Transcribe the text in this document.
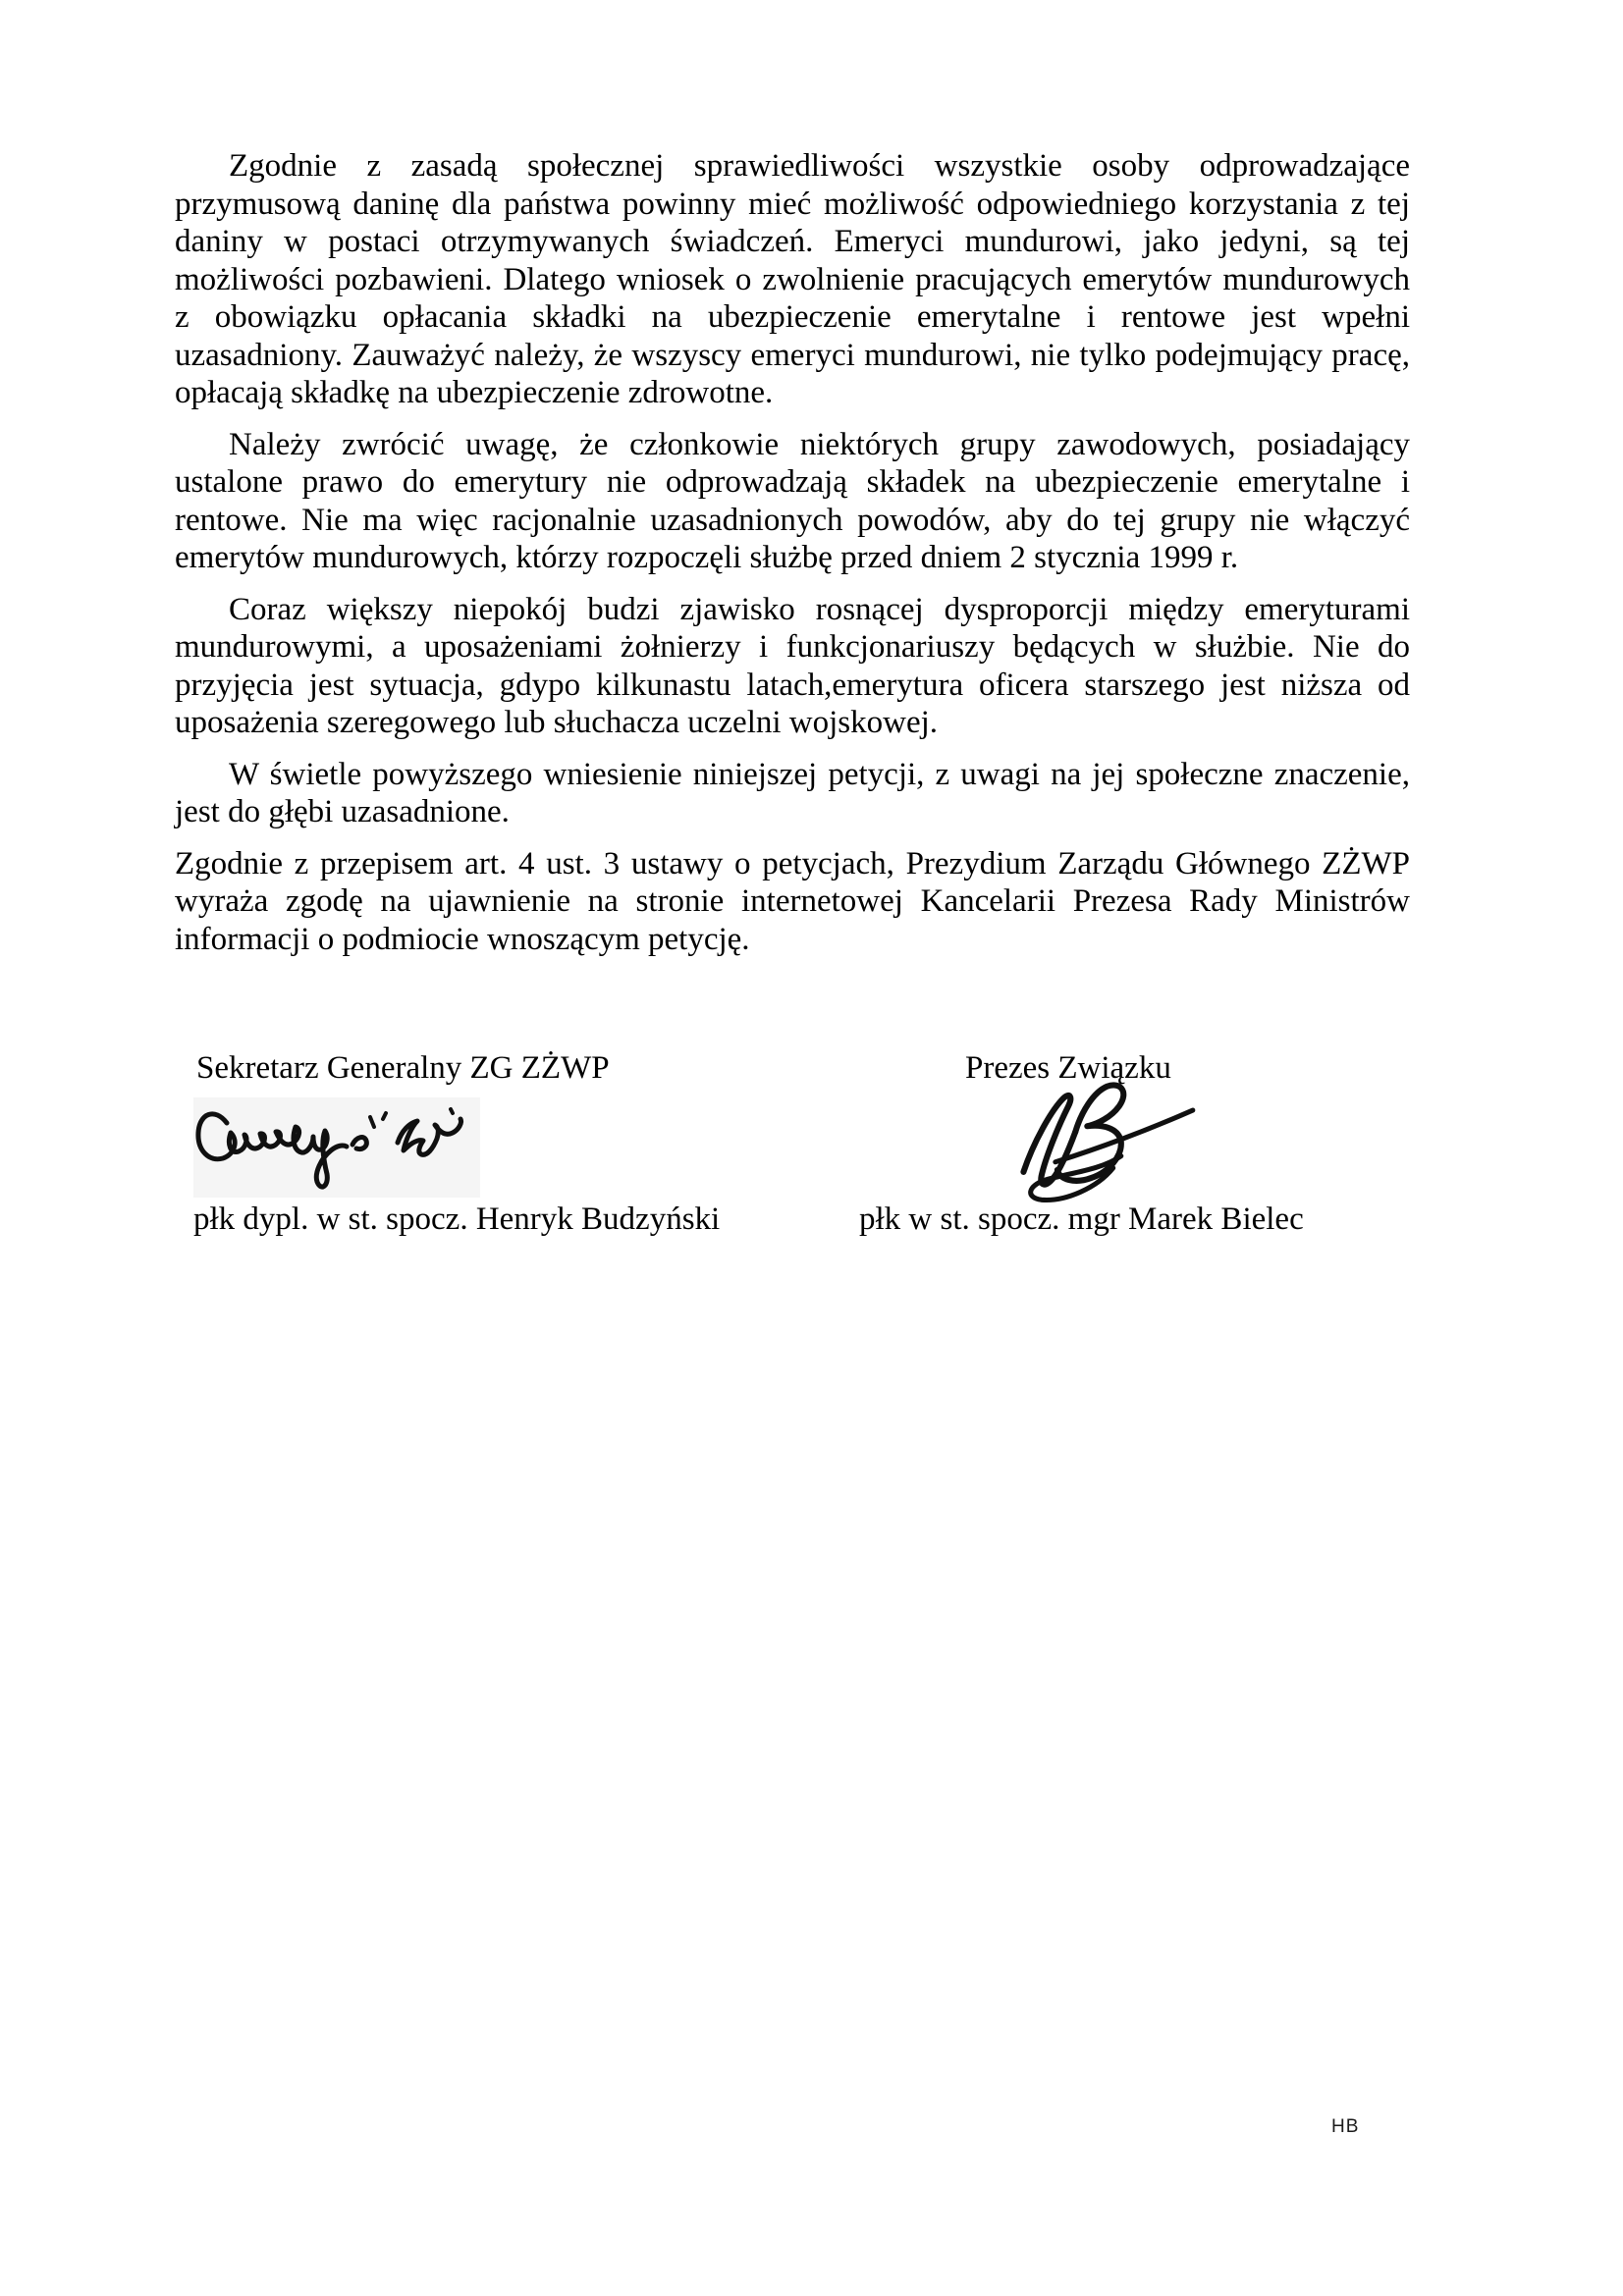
Zgodnie z zasadą społecznej sprawiedliwości wszystkie osoby odprowadzające przymusową daninę dla państwa powinny mieć możliwość odpowiedniego korzystania z tej daniny w postaci otrzymywanych świadczeń. Emeryci mundurowi, jako jedyni, są tej możliwości pozbawieni. Dlatego wniosek o zwolnienie pracujących emerytów mundurowych z obowiązku opłacania składki na ubezpieczenie emerytalne i rentowe jest wpełni uzasadniony. Zauważyć należy, że wszyscy emeryci mundurowi, nie tylko podejmujący pracę, opłacają składkę na ubezpieczenie zdrowotne.

Należy zwrócić uwagę, że członkowie niektórych grupy zawodowych, posiadający ustalone prawo do emerytury nie odprowadzają składek na ubezpieczenie emerytalne i rentowe. Nie ma więc racjonalnie uzasadnionych powodów, aby do tej grupy nie włączyć emerytów mundurowych, którzy rozpoczęli służbę przed dniem 2 stycznia 1999 r.

Coraz większy niepokój budzi zjawisko rosnącej dysproporcji między emeryturami mundurowymi, a uposażeniami żołnierzy i funkcjonariuszy będących w służbie. Nie do przyjęcia jest sytuacja, gdypo kilkunastu latach,emerytura oficera starszego jest niższa od uposażenia szeregowego lub słuchacza uczelni wojskowej.

W świetle powyższego wniesienie niniejszej petycji, z uwagi na jej społeczne znaczenie, jest do głębi uzasadnione.

Zgodnie z przepisem art. 4 ust. 3 ustawy o petycjach, Prezydium Zarządu Głównego ZŻWP wyraża zgodę na ujawnienie na stronie internetowej Kancelarii Prezesa Rady Ministrów informacji o podmiocie wnoszącym petycję.

Sekretarz Generalny ZG ZŻWP	Prezes Związku
płk dypl. w st. spocz. Henryk Budzyński	płk w st. spocz. mgr Marek Bielec
HB
